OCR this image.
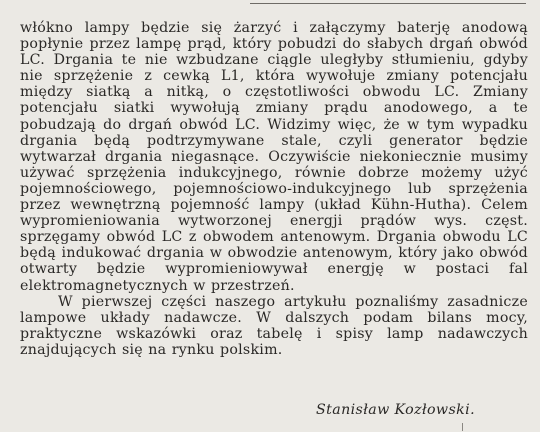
włókno lampy będzie się żarzyć i załączymy baterję anodową popłynie przez lampę prąd, który pobudzi do słabych drgań obwód LC. Drgania te nie wzbudzane ciągle uległyby stłumieniu, gdyby nie sprzężenie z cewką L1, która wywołuje zmiany potencjału między siatką a nitką, o częstotliwości obwodu LC. Zmiany potencjału siatki wywołują zmiany prądu anodowego, a te pobudzają do drgań obwód LC. Widzimy więc, że w tym wypadku drgania będą podtrzymywane stale, czyli generator będzie wytwarzał drgania niegasnące. Oczywiście niekoniecznie musimy używać sprzężenia indukcyjnego, równie dobrze możemy użyć pojemnościowego, pojemnościowo-indukcyjnego lub sprzężenia przez wewnętrzną pojemność lampy (układ Kühn-Hutha). Celem wypromieniowania wytworzonej energji prądów wys. częst. sprzęgamy obwód LC z obwodem antenowym. Drgania obwodu LC będą indukować drgania w obwodzie antenowym, który jako obwód otwarty będzie wypromieniowywał energję w postaci fal elektromagnetycznych w przestrzeń.

W pierwszej części naszego artykułu poznaliśmy zasadnicze lampowe układy nadawcze. W dalszych podam bilans mocy, praktyczne wskazówki oraz tabelę i spisy lamp nadawczych znajdujących się na rynku polskim.

Stanisław Kozłowski.
